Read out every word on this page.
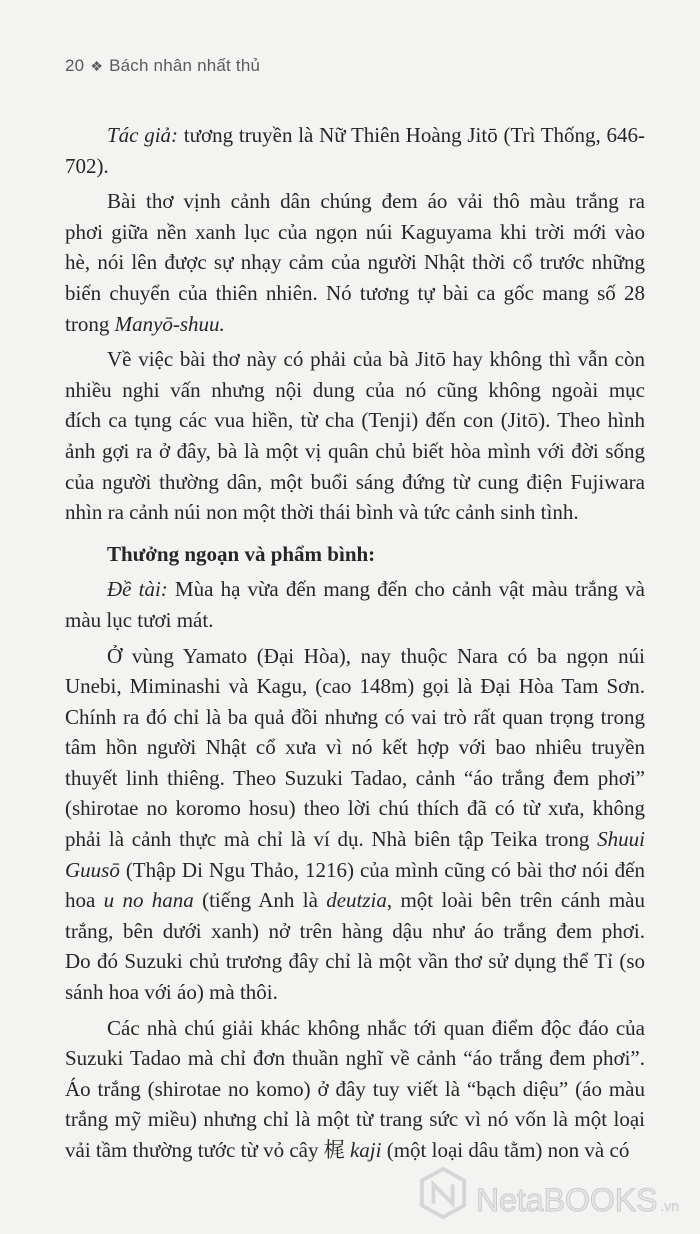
20 ❖ Bách nhân nhất thủ
Tác giả: tương truyền là Nữ Thiên Hoàng Jitō (Trì Thống, 646-
702).
Bài thơ vịnh cảnh dân chúng đem áo vải thô màu trắng ra
phơi giữa nền xanh lục của ngọn núi Kaguyama khi trời mới vào
hè, nói lên được sự nhạy cảm của người Nhật thời cổ trước những
biến chuyển của thiên nhiên. Nó tương tự bài ca gốc mang số 28
trong Manyō-shuu.
Về việc bài thơ này có phải của bà Jitō hay không thì vẫn còn
nhiều nghi vấn nhưng nội dung của nó cũng không ngoài mục
đích ca tụng các vua hiền, từ cha (Tenji) đến con (Jitō). Theo hình
ảnh gợi ra ở đây, bà là một vị quân chủ biết hòa mình với đời sống
của người thường dân, một buổi sáng đứng từ cung điện Fujiwara
nhìn ra cảnh núi non một thời thái bình và tức cảnh sinh tình.
Thưởng ngoạn và phẩm bình:
Đề tài: Mùa hạ vừa đến mang đến cho cảnh vật màu trắng và
màu lục tươi mát.
Ở vùng Yamato (Đại Hòa), nay thuộc Nara có ba ngọn núi
Unebi, Miminashi và Kagu, (cao 148m) gọi là Đại Hòa Tam Sơn.
Chính ra đó chỉ là ba quả đồi nhưng có vai trò rất quan trọng trong
tâm hồn người Nhật cổ xưa vì nó kết hợp với bao nhiêu truyền
thuyết linh thiêng. Theo Suzuki Tadao, cảnh “áo trắng đem phơi”
(shirotae no koromo hosu) theo lời chú thích đã có từ xưa, không
phải là cảnh thực mà chỉ là ví dụ. Nhà biên tập Teika trong Shuui
Guusō (Thập Di Ngu Thảo, 1216) của mình cũng có bài thơ nói đến
hoa u no hana (tiếng Anh là deutzia, một loài bên trên cánh màu
trắng, bên dưới xanh) nở trên hàng dậu như áo trắng đem phơi.
Do đó Suzuki chủ trương đây chỉ là một vần thơ sử dụng thể Tỉ (so
sánh hoa với áo) mà thôi.
Các nhà chú giải khác không nhắc tới quan điểm độc đáo của
Suzuki Tadao mà chỉ đơn thuần nghĩ về cảnh “áo trắng đem phơi”.
Áo trắng (shirotae no komo) ở đây tuy viết là “bạch diệu” (áo màu
trắng mỹ miều) nhưng chỉ là một từ trang sức vì nó vốn là một loại
vải tầm thường tước từ vỏ cây 梶 kaji (một loại dâu tằm) non và có
NetaBOOKS .vn
